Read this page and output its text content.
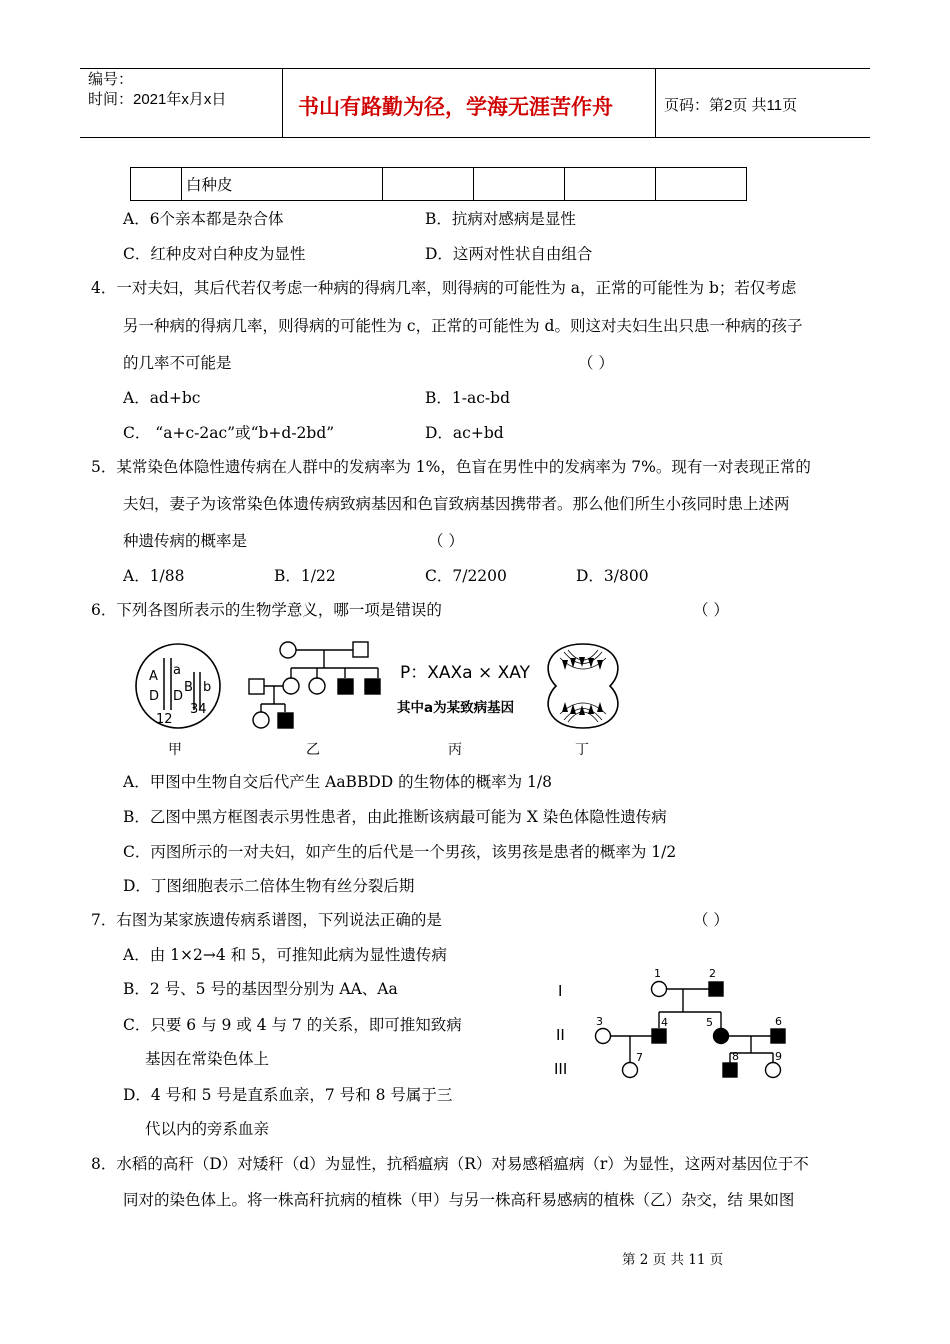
编号：
时间：2021年x月x日	书山有路勤为径，学海无涯苦作舟	页码：第2页 共11页
	白种皮				
A．6个亲本都是杂合体	B．抗病对感病是显性
C．红种皮对白种皮为显性	D．这两对性状自由组合
4．一对夫妇，其后代若仅考虑一种病的得病几率，则得病的可能性为 a，正常的可能性为 b；若仅考虑
另一种病的得病几率，则得病的可能性为 c，正常的可能性为 d。则这对夫妇生出只患一种病的孩子
的几率不可能是	（ ）
A．ad+bc	B．1-ac-bd
C． “a+c-2ac”或“b+d-2bd”	D．ac+bd
5．某常染色体隐性遗传病在人群中的发病率为 1%，色盲在男性中的发病率为 7%。现有一对表现正常的
夫妇，妻子为该常染色体遗传病致病基因和色盲致病基因携带者。那么他们所生小孩同时患上述两
种遗传病的概率是	（ ）
A．1/88	B．1/22	C．7/2200	D．3/800
6．下列各图所表示的生物学意义，哪一项是错误的	（ ）
A a
D D
B b
12
34
甲	乙
P：XAXa × XAY
其中a为某致病基因
丙	丁
A．甲图中生物自交后代产生 AaBBDD 的生物体的概率为 1/8
B．乙图中黑方框图表示男性患者，由此推断该病最可能为 X 染色体隐性遗传病
C．丙图所示的一对夫妇，如产生的后代是一个男孩，该男孩是患者的概率为 1/2
D．丁图细胞表示二倍体生物有丝分裂后期
7．右图为某家族遗传病系谱图，下列说法正确的是	（ ）
A．由 1×2→4 和 5，可推知此病为显性遗传病
B．2 号、5 号的基因型分别为 AA、Aa
C．只要 6 与 9 或 4 与 7 的关系，即可推知致病
基因在常染色体上
D．4 号和 5 号是直系血亲，7 号和 8 号属于三
代以内的旁系血亲
I
II
III
1	2
3	4	5	6
7	8	9
8．水稻的高秆（D）对矮秆（d）为显性，抗稻瘟病（R）对易感稻瘟病（r）为显性，这两对基因位于不
同对的染色体上。将一株高秆抗病的植株（甲）与另一株高秆易感病的植株（乙）杂交，结 果如图
第 2 页 共 11 页
